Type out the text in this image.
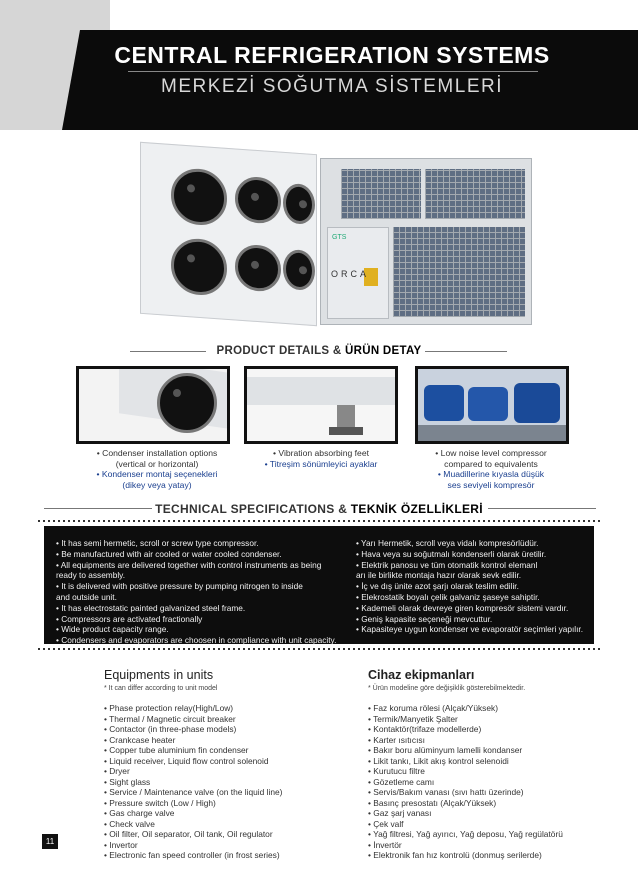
CENTRAL REFRIGERATION SYSTEMS
MERKEZİ SOĞUTMA SİSTEMLERİ
GTS
ORCA
PRODUCT DETAILS & ÜRÜN DETAY
• Condenser installation options
(vertical or horizontal)
• Kondenser montaj seçenekleri
(dikey veya yatay)
• Vibration absorbing feet
• Titreşim sönümleyici ayaklar
• Low noise level compressor
compared to equivalents
• Muadillerine kıyasla düşük
ses seviyeli kompresör
TECHNICAL SPECIFICATIONS & TEKNİK ÖZELLİKLERİ
• It has semi hermetic, scroll or screw type compressor.
• Be manufactured with air cooled or water cooled condenser.
• All equipments are delivered together with control instruments as being
ready to assembly.
• It is delivered with positive pressure by pumping nitrogen to inside
and outside unit.
• It has electrostatic painted galvanized steel frame.
• Compressors are activated fractionally
• Wide product capacity range.
• Condensers and evaporators are choosen in compliance with unit capacity.
• Yarı Hermetik, scroll veya vidalı kompresörlüdür.
• Hava veya su soğutmalı kondenserli olarak üretilir.
• Elektrik panosu ve tüm otomatik kontrol elemanl
arı ile birlikte montaja hazır olarak sevk edilir.
• İç ve dış ünite azot şarjı olarak teslim edilir.
• Elekrostatik boyalı çelik galvaniz şaseye sahiptir.
• Kademeli olarak devreye giren kompresör sistemi vardır.
• Geniş kapasite seçeneği mevcuttur.
• Kapasiteye uygun kondenser ve evaporatör seçimleri yapılır.
Equipments in units
* It can differ according to unit model
Cihaz ekipmanları
* Ürün modeline göre değişiklik gösterebilmektedir.
• Phase protection relay(High/Low)
• Thermal / Magnetic circuit breaker
• Contactor (in three-phase models)
• Crankcase heater
• Copper tube aluminium fin condenser
• Liquid receiver, Liquid flow control solenoid
• Dryer
• Sight glass
• Service / Maintenance valve (on the liquid line)
• Pressure switch (Low / High)
• Gas charge valve
• Check valve
• Oil filter, Oil separator, Oil tank, Oil regulator
• Invertor
• Electronic fan speed controller (in frost series)
• Faz koruma rölesi (Alçak/Yüksek)
• Termik/Manyetik Şalter
• Kontaktör(trifaze modellerde)
• Karter ısıtıcısı
• Bakır boru alüminyum lamelli kondanser
• Likit tankı, Likit akış kontrol selenoidi
• Kurutucu filtre
• Gözetleme camı
• Servis/Bakım vanası (sıvı hattı üzerinde)
• Basınç presostatı (Alçak/Yüksek)
• Gaz şarj vanası
• Çek valf
• Yağ filtresi, Yağ ayırıcı, Yağ deposu, Yağ regülatörü
• İnvertör
• Elektronik fan hız kontrolü (donmuş serilerde)
11
